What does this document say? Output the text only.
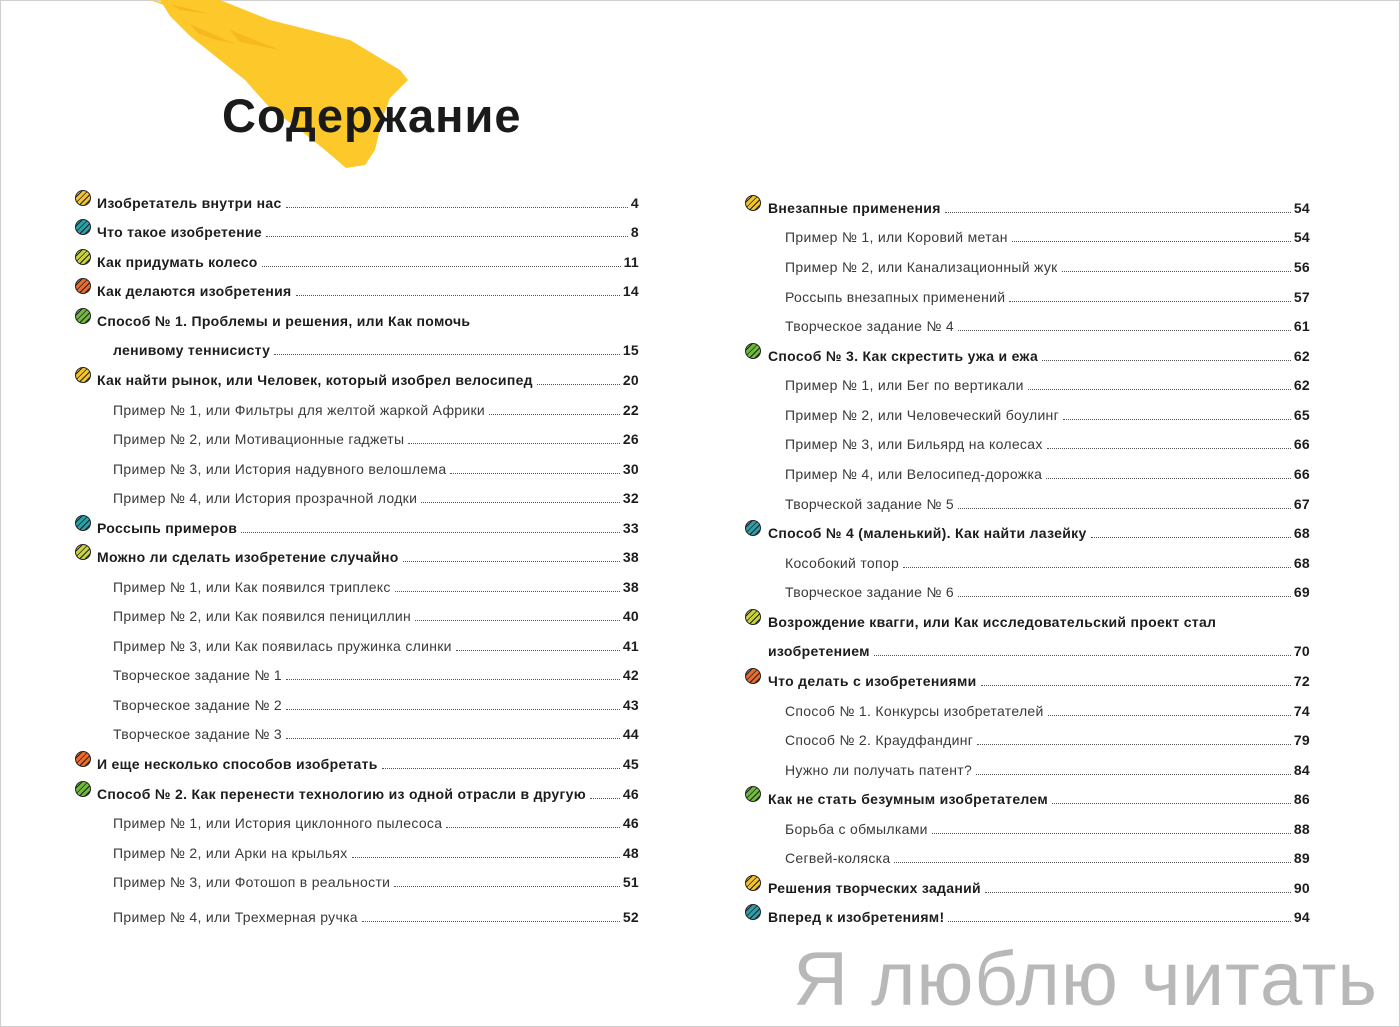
Содержание
Изобретатель внутри нас	4
Что такое изобретение	8
Как придумать колесо	11
Как делаются изобретения	14
Способ № 1. Проблемы и решения, или Как помочь
ленивому теннисисту	15
Как найти рынок, или Человек, который изобрел велосипед	20
Пример № 1, или Фильтры для желтой жаркой Африки	22
Пример № 2, или Мотивационные гаджеты	26
Пример № 3, или История надувного велошлема	30
Пример № 4, или История прозрачной лодки	32
Россыпь примеров	33
Можно ли сделать изобретение случайно	38
Пример № 1, или Как появился триплекс	38
Пример № 2, или Как появился пенициллин	40
Пример № 3, или Как появилась пружинка слинки	41
Творческое задание № 1	42
Творческое задание № 2	43
Творческое задание № 3	44
И еще несколько способов изобретать	45
Способ № 2. Как перенести технологию из одной отрасли в другую	46
Пример № 1, или История циклонного пылесоса	46
Пример № 2, или Арки на крыльях	48
Пример № 3, или Фотошоп в реальности	51
Пример № 4, или Трехмерная ручка	52
Внезапные применения	54
Пример № 1, или Коровий метан	54
Пример № 2, или Канализационный жук	56
Россыпь внезапных применений	57
Творческое задание № 4	61
Способ № 3. Как скрестить ужа и ежа	62
Пример № 1, или Бег по вертикали	62
Пример № 2, или Человеческий боулинг	65
Пример № 3, или Бильярд на колесах	66
Пример № 4, или Велосипед-дорожка	66
Творческой задание № 5	67
Способ № 4 (маленький). Как найти лазейку	68
Кособокий топор	68
Творческое задание № 6	69
Возрождение квагги, или Как исследовательский проект стал
изобретением	70
Что делать с изобретениями	72
Способ № 1. Конкурсы изобретателей	74
Способ № 2. Краудфандинг	79
Нужно ли получать патент?	84
Как не стать безумным изобретателем	86
Борьба с обмылками	88
Сегвей-коляска	89
Решения творческих заданий	90
Вперед к изобретениям!	94
Я люблю читать
